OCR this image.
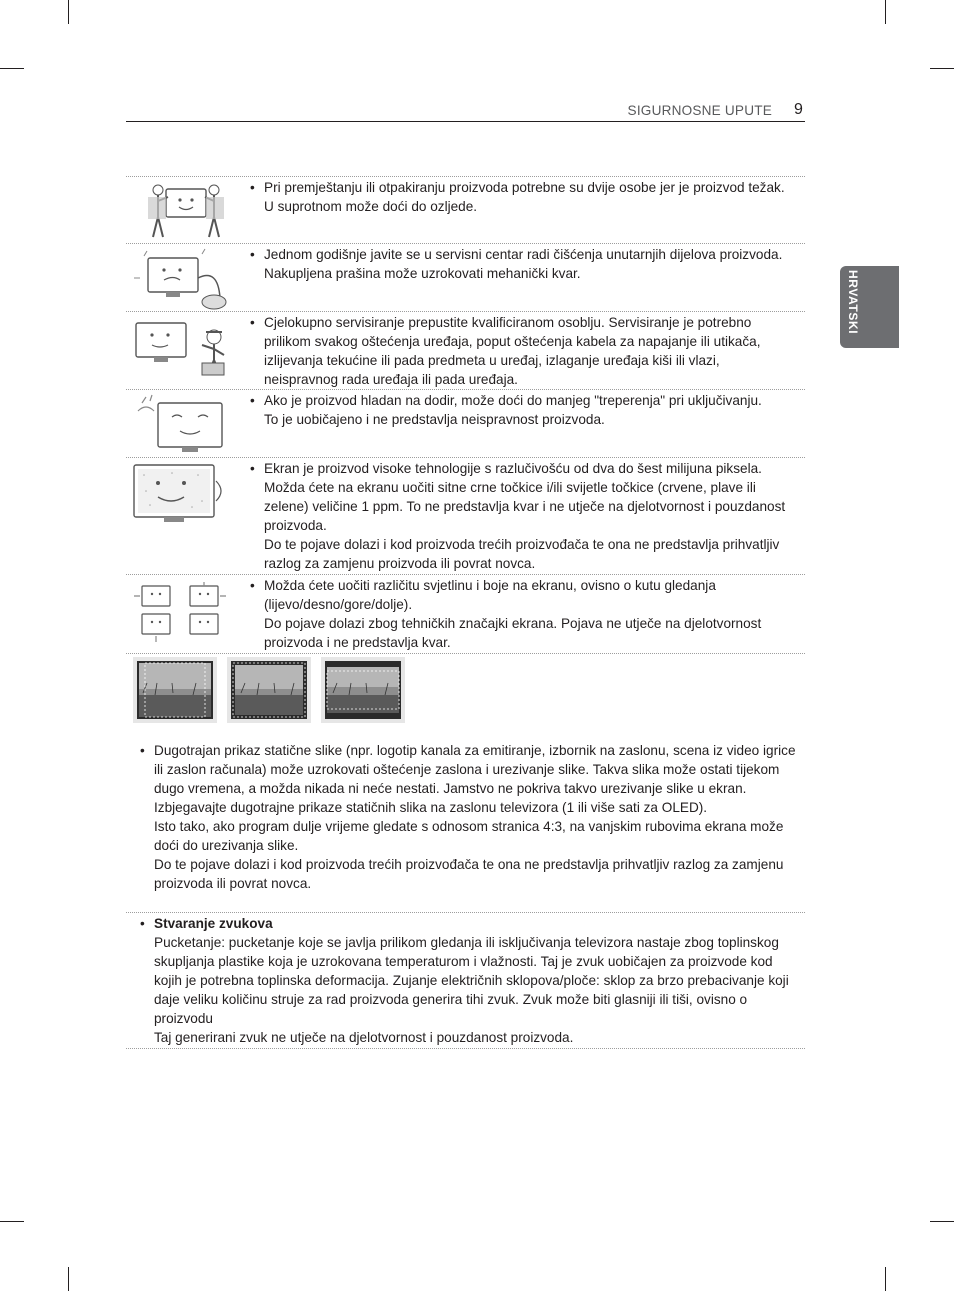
SIGURNOSNE UPUTE 9
HRVATSKI

• Pri premještanju ili otpakiranju proizvoda potrebne su dvije osobe jer je proizvod težak.

U suprotnom može doći do ozljede.

• Jednom godišnje javite se u servisni centar radi čišćenja unutarnjih dijelova proizvoda.

Nakupljena prašina može uzrokovati mehanički kvar.

• Cjelokupno servisiranje prepustite kvalificiranom osoblju. Servisiranje je potrebno prilikom svakog oštećenja uređaja, poput oštećenja kabela za napajanje ili utikača, izlijevanja tekućine ili pada predmeta u uređaj, izlaganje uređaja kiši ili vlazi, neispravnog rada uređaja ili pada uređaja.

• Ako je proizvod hladan na dodir, može doći do manjeg "treperenja" pri uključivanju.

To je uobičajeno i ne predstavlja neispravnost proizvoda.

• Ekran je proizvod visoke tehnologije s razlučivošću od dva do šest milijuna piksela.

Možda ćete na ekranu uočiti sitne crne točkice i/ili svijetle točkice (crvene, plave ili zelene) veličine 1 ppm. To ne predstavlja kvar i ne utječe na djelotvornost i pouzdanost proizvoda.

Do te pojave dolazi i kod proizvoda trećih proizvođača te ona ne predstavlja prihvatljiv razlog za zamjenu proizvoda ili povrat novca.

• Možda ćete uočiti različitu svjetlinu i boje na ekranu, ovisno o kutu gledanja (lijevo/desno/gore/dolje).

Do pojave dolazi zbog tehničkih značajki ekrana. Pojava ne utječe na djelotvornost proizvoda i ne predstavlja kvar.

• Dugotrajan prikaz statične slike (npr. logotip kanala za emitiranje, izbornik na zaslonu, scena iz video igrice ili zaslon računala) može uzrokovati oštećenje zaslona i urezivanje slike. Takva slika može ostati tijekom dugo vremena, a možda nikada ni neće nestati. Jamstvo ne pokriva takvo urezivanje slike u ekran.

Izbjegavajte dugotrajne prikaze statičnih slika na zaslonu televizora (1 ili više sati za OLED).

Isto tako, ako program dulje vrijeme gledate s odnosom stranica 4:3, na vanjskim rubovima ekrana može doći do urezivanja slike.

Do te pojave dolazi i kod proizvoda trećih proizvođača te ona ne predstavlja prihvatljiv razlog za zamjenu proizvoda ili povrat novca.

• Stvaranje zvukova

Pucketanje: pucketanje koje se javlja prilikom gledanja ili isključivanja televizora nastaje zbog toplinskog skupljanja plastike koja je uzrokovana temperaturom i vlažnosti. Taj je zvuk uobičajen za proizvode kod kojih je potrebna toplinska deformacija. Zujanje električnih sklopova/ploče: sklop za brzo prebacivanje koji daje veliku količinu struje za rad proizvoda generira tihi zvuk. Zvuk može biti glasniji ili tiši, ovisno o proizvodu

Taj generirani zvuk ne utječe na djelotvornost i pouzdanost proizvoda.
